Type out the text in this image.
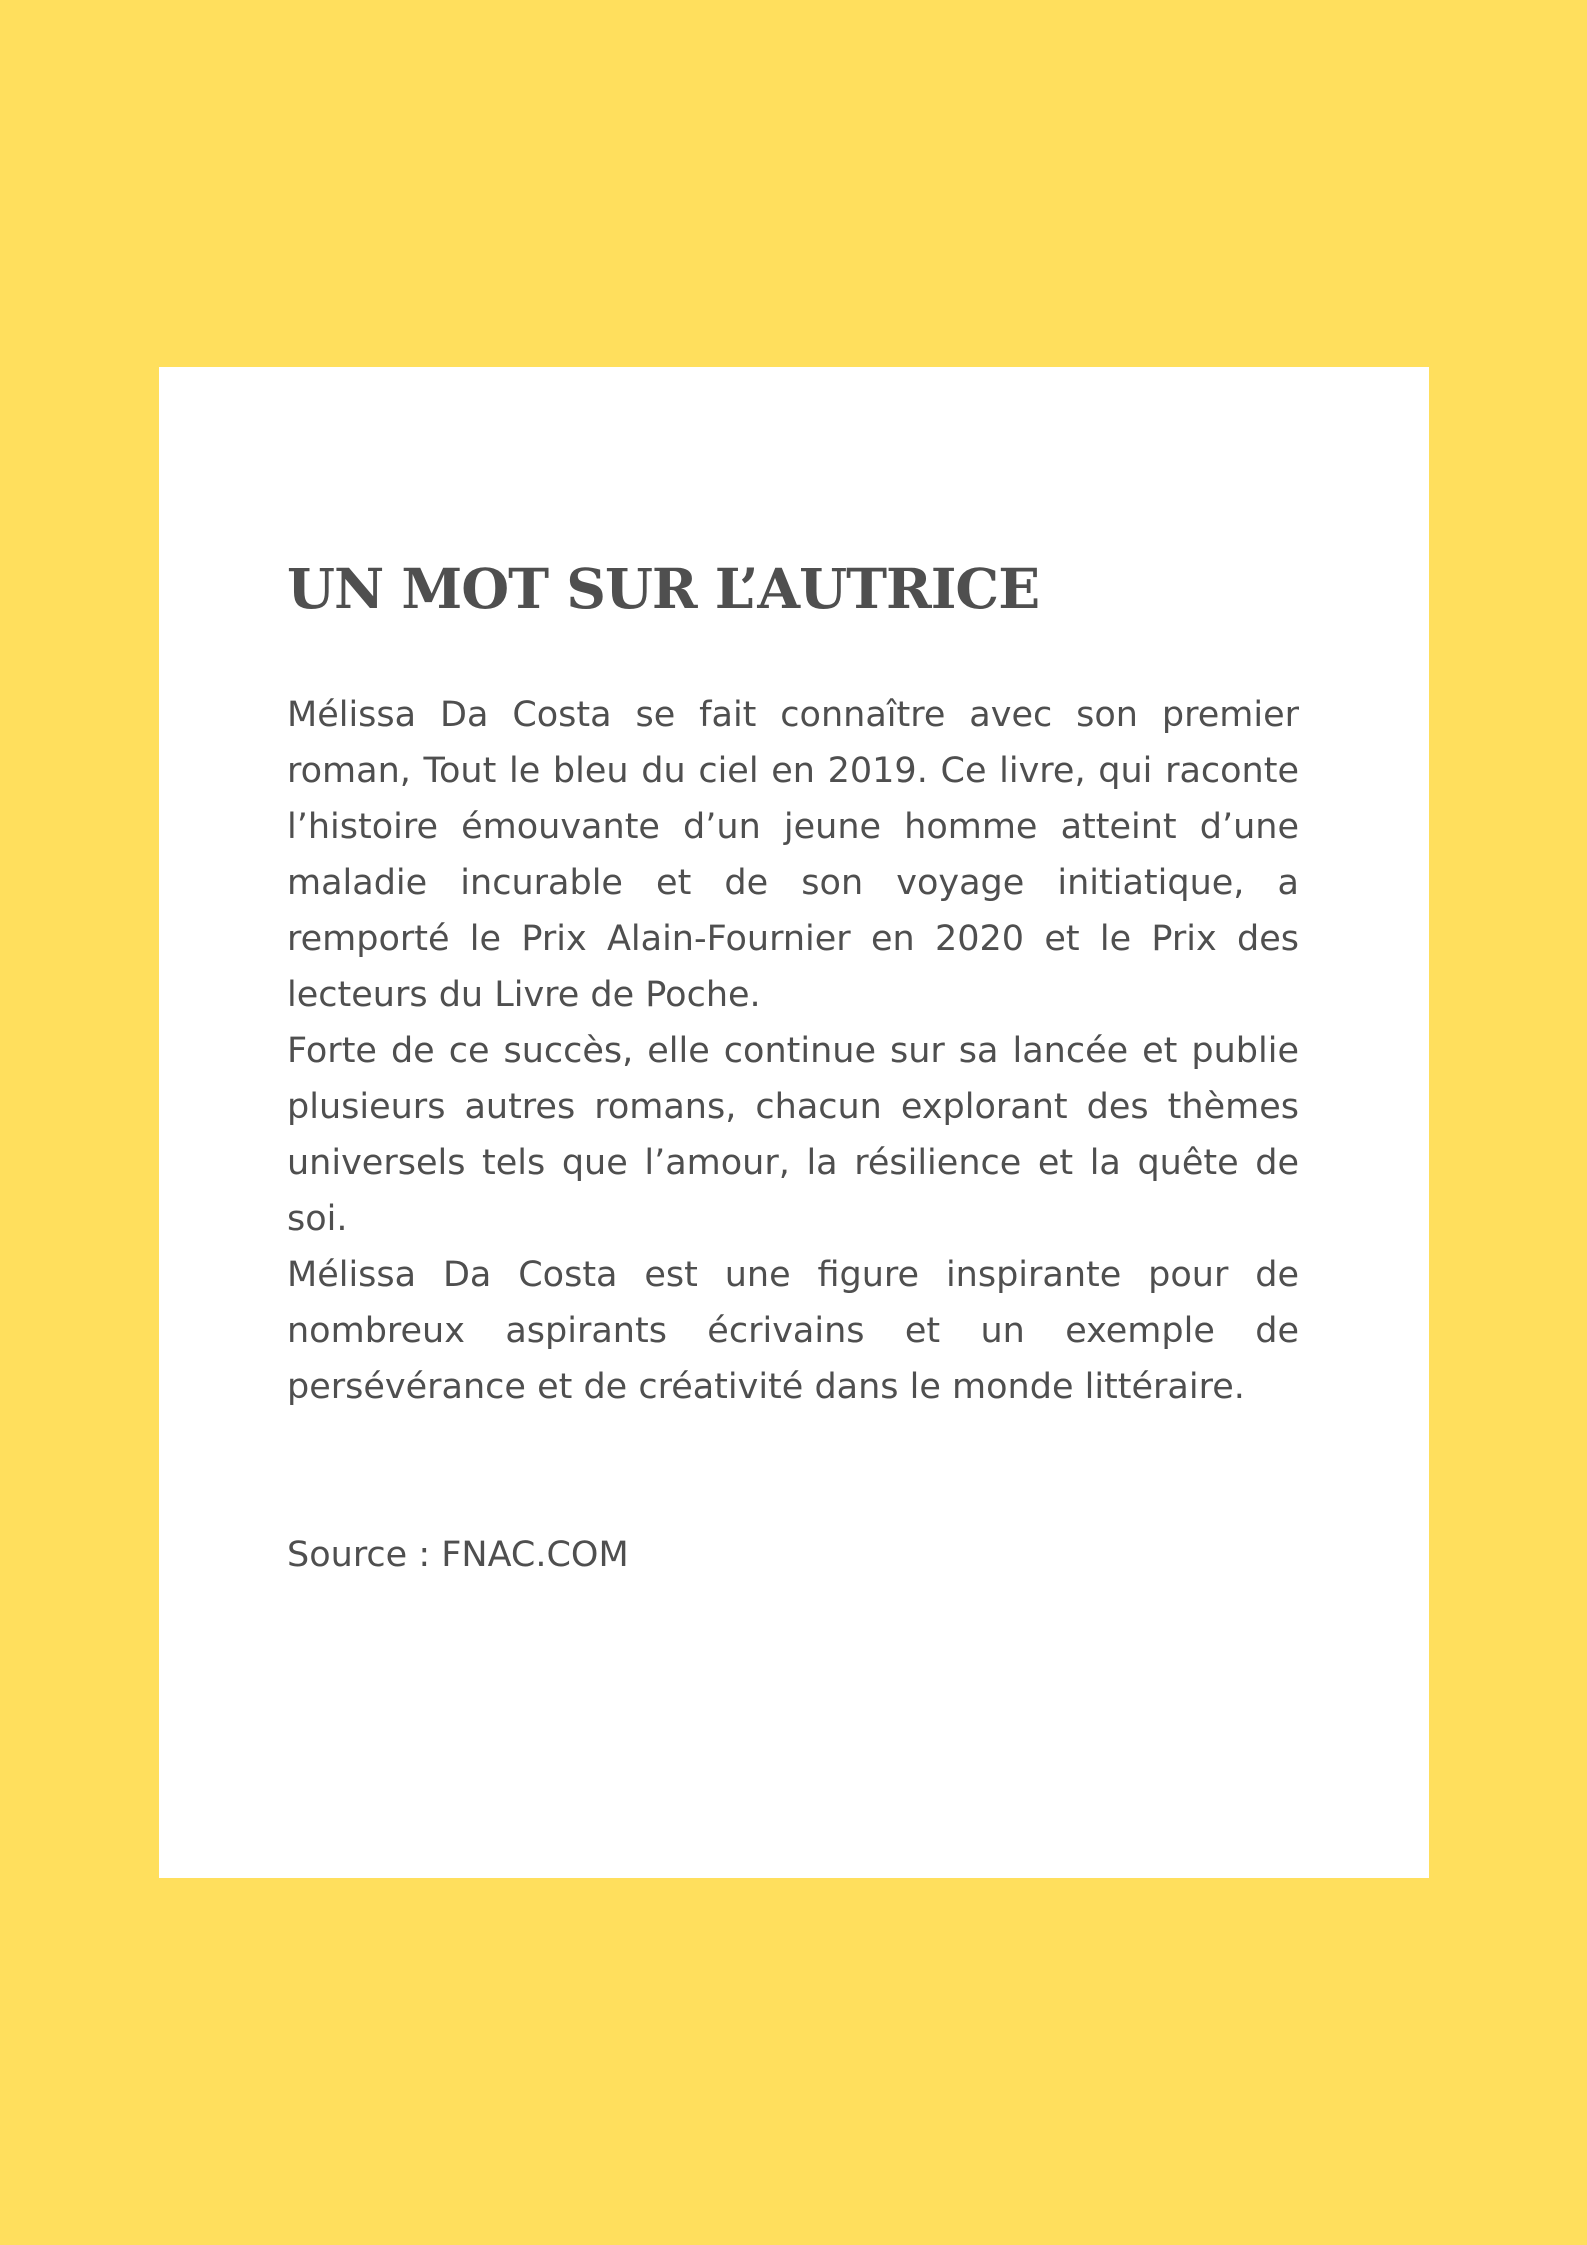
UN MOT SUR L’AUTRICE

Mélissa Da Costa se fait connaître avec son premier roman, Tout le bleu du ciel en 2019. Ce livre, qui raconte l’histoire émouvante d’un jeune homme atteint d’une maladie incurable et de son voyage initiatique, a remporté le Prix Alain-Fournier en 2020 et le Prix des lecteurs du Livre de Poche.

Forte de ce succès, elle continue sur sa lancée et publie plusieurs autres romans, chacun explorant des thèmes universels tels que l’amour, la résilience et la quête de soi.

Mélissa Da Costa est une figure inspirante pour de nombreux aspirants écrivains et un exemple de persévérance et de créativité dans le monde littéraire.

Source : FNAC.COM
